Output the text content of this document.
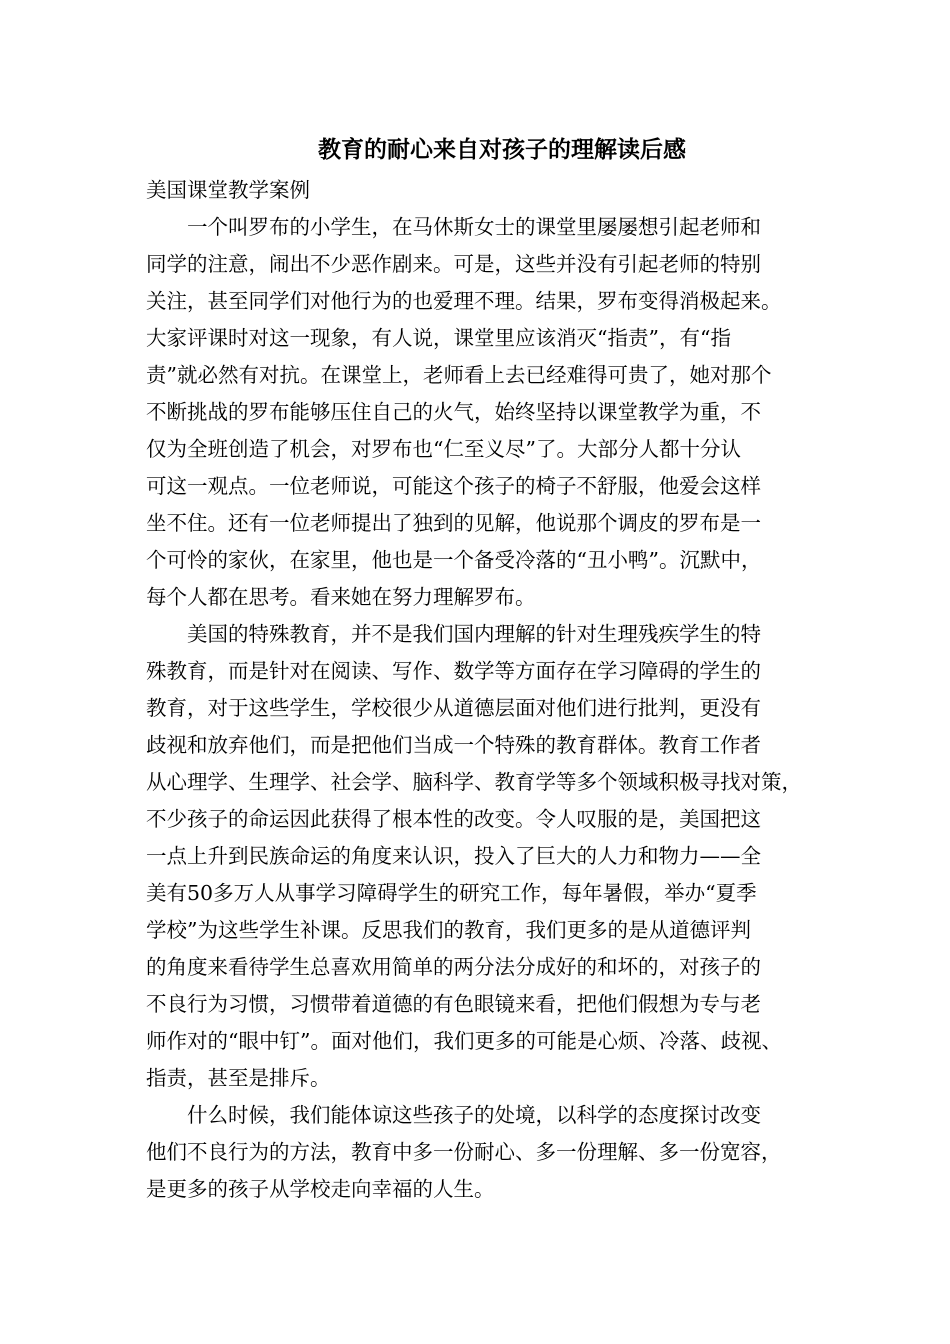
教育的耐心来自对孩子的理解读后感
美国课堂教学案例
　　一个叫罗布的小学生，在马休斯女士的课堂里屡屡想引起老师和
同学的注意，闹出不少恶作剧来。可是，这些并没有引起老师的特别
关注，甚至同学们对他行为的也爱理不理。结果，罗布变得消极起来。
大家评课时对这一现象，有人说，课堂里应该消灭“指责”，有“指
责”就必然有对抗。在课堂上，老师看上去已经难得可贵了，她对那个
不断挑战的罗布能够压住自己的火气，始终坚持以课堂教学为重，不
仅为全班创造了机会，对罗布也“仁至义尽”了。大部分人都十分认
可这一观点。一位老师说，可能这个孩子的椅子不舒服，他爱会这样
坐不住。还有一位老师提出了独到的见解，他说那个调皮的罗布是一
个可怜的家伙，在家里，他也是一个备受冷落的“丑小鸭”。沉默中，
每个人都在思考。看来她在努力理解罗布。
　　美国的特殊教育，并不是我们国内理解的针对生理残疾学生的特
殊教育，而是针对在阅读、写作、数学等方面存在学习障碍的学生的
教育，对于这些学生，学校很少从道德层面对他们进行批判，更没有
歧视和放弃他们，而是把他们当成一个特殊的教育群体。教育工作者
从心理学、生理学、社会学、脑科学、教育学等多个领域积极寻找对策，
不少孩子的命运因此获得了根本性的改变。令人叹服的是，美国把这
一点上升到民族命运的角度来认识，投入了巨大的人力和物力——全
美有50多万人从事学习障碍学生的研究工作，每年暑假，举办“夏季
学校”为这些学生补课。反思我们的教育，我们更多的是从道德评判
的角度来看待学生总喜欢用简单的两分法分成好的和坏的，对孩子的
不良行为习惯，习惯带着道德的有色眼镜来看，把他们假想为专与老
师作对的“眼中钉”。面对他们，我们更多的可能是心烦、冷落、歧视、
指责，甚至是排斥。
　　什么时候，我们能体谅这些孩子的处境，以科学的态度探讨改变
他们不良行为的方法，教育中多一份耐心、多一份理解、多一份宽容，
是更多的孩子从学校走向幸福的人生。
